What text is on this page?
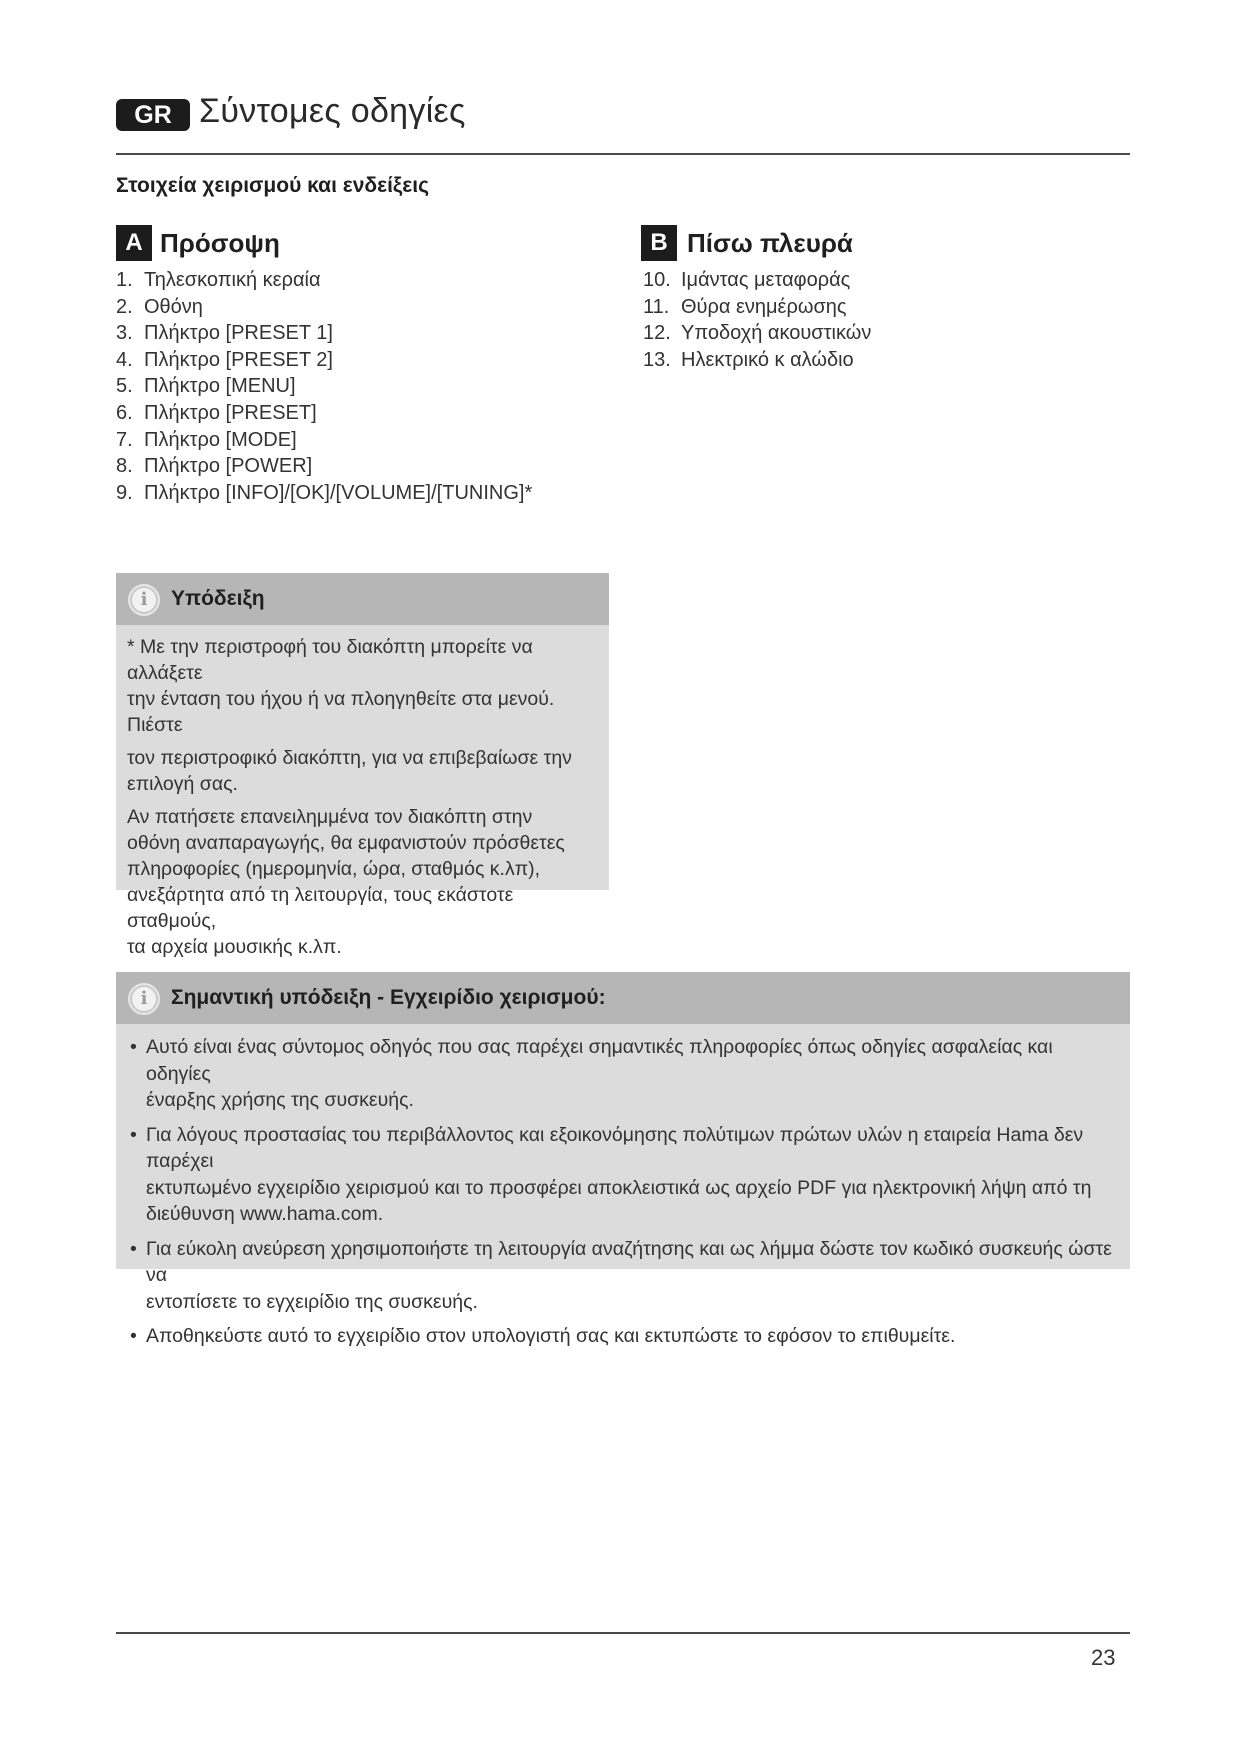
GR Σύντομες οδηγίες
Στοιχεία χειρισμού και ενδείξεις
A Πρόσοψη
1. Τηλεσκοπική κεραία
2. Οθόνη
3. Πλήκτρο [PRESET 1]
4. Πλήκτρο [PRESET 2]
5. Πλήκτρο [MENU]
6. Πλήκτρο [PRESET]
7. Πλήκτρο [MODE]
8. Πλήκτρο [POWER]
9. Πλήκτρο [INFO]/[OK]/[VOLUME]/[TUNING]*
B Πίσω πλευρά
10. Ιμάντας μεταφοράς
11. Θύρα ενημέρωσης
12. Υποδοχή ακουστικών
13. Ηλεκτρικό κ αλώδιο
i	Υπόδειξη

* Με την περιστροφή του διακόπτη μπορείτε να αλλάξετε

την ένταση του ήχου ή να πλοηγηθείτε στα μενού. Πιέστε

τον περιστροφικό διακόπτη, για να επιβεβαίωσε την

επιλογή σας.

Αν πατήσετε επανειλημμένα τον διακόπτη στην

οθόνη αναπαραγωγής, θα εμφανιστούν πρόσθετες

πληροφορίες (ημερομηνία, ώρα, σταθμός κ.λπ),

ανεξάρτητα από τη λειτουργία, τους εκάστοτε σταθμούς,

τα αρχεία μουσικής κ.λπ.

i	Σημαντική υπόδειξη - Εγχειρίδιο χειρισμού:
• Αυτό είναι ένας σύντομος οδηγός που σας παρέχει σημαντικές πληροφορίες όπως οδηγίες ασφαλείας και οδηγίες
έναρξης χρήσης της συσκευής.
• Για λόγους προστασίας του περιβάλλοντος και εξοικονόμησης πολύτιμων πρώτων υλών η εταιρεία Hama δεν παρέχει
εκτυπωμένο εγχειρίδιο χειρισμού και το προσφέρει αποκλειστικά ως αρχείο PDF για ηλεκτρονική λήψη από τη
διεύθυνση www.hama.com.
• Για εύκολη ανεύρεση χρησιμοποιήστε τη λειτουργία αναζήτησης και ως λήμμα δώστε τον κωδικό συσκευής ώστε να
εντοπίσετε το εγχειρίδιο της συσκευής.
• Αποθηκεύστε αυτό το εγχειρίδιο στον υπολογιστή σας και εκτυπώστε το εφόσον το επιθυμείτε.
23
